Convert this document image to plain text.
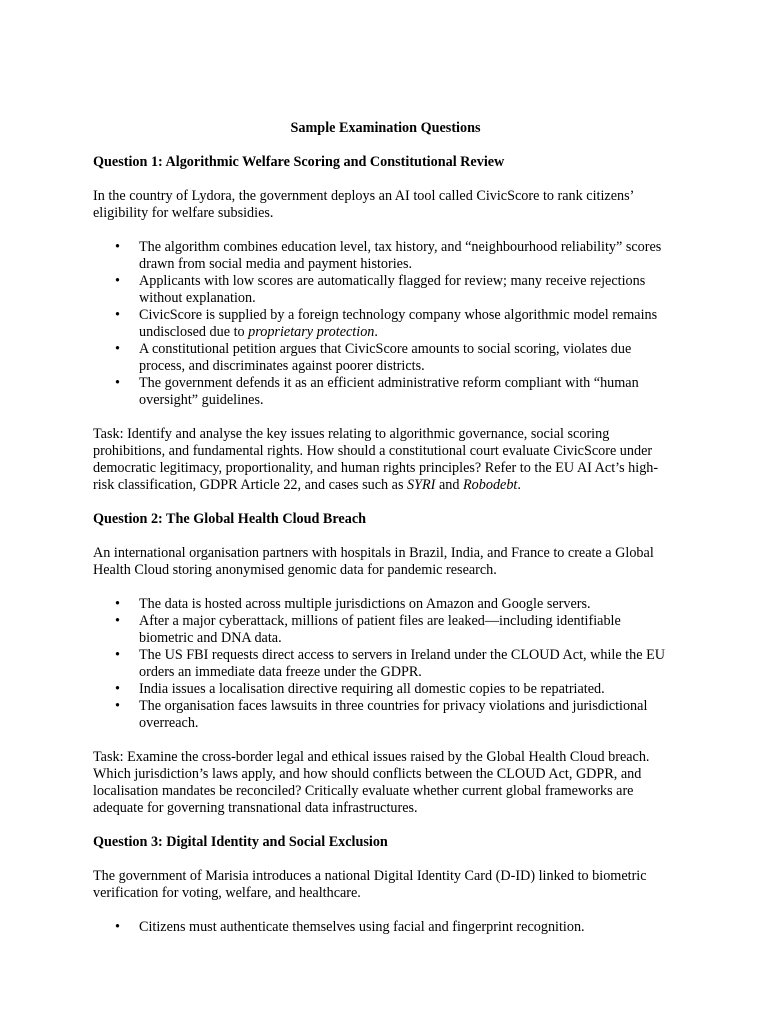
Sample Examination Questions
Question 1: Algorithmic Welfare Scoring and Constitutional Review
In the country of Lydora, the government deploys an AI tool called CivicScore to rank citizens’ eligibility for welfare subsidies.
• The algorithm combines education level, tax history, and “neighbourhood reliability” scores drawn from social media and payment histories.
• Applicants with low scores are automatically flagged for review; many receive rejections without explanation.
• CivicScore is supplied by a foreign technology company whose algorithmic model remains undisclosed due to proprietary protection.
• A constitutional petition argues that CivicScore amounts to social scoring, violates due process, and discriminates against poorer districts.
• The government defends it as an efficient administrative reform compliant with “human oversight” guidelines.
Task: Identify and analyse the key issues relating to algorithmic governance, social scoring prohibitions, and fundamental rights. How should a constitutional court evaluate CivicScore under democratic legitimacy, proportionality, and human rights principles? Refer to the EU AI Act’s high-risk classification, GDPR Article 22, and cases such as SYRI and Robodebt.
Question 2: The Global Health Cloud Breach
An international organisation partners with hospitals in Brazil, India, and France to create a Global Health Cloud storing anonymised genomic data for pandemic research.
• The data is hosted across multiple jurisdictions on Amazon and Google servers.
• After a major cyberattack, millions of patient files are leaked—including identifiable biometric and DNA data.
• The US FBI requests direct access to servers in Ireland under the CLOUD Act, while the EU orders an immediate data freeze under the GDPR.
• India issues a localisation directive requiring all domestic copies to be repatriated.
• The organisation faces lawsuits in three countries for privacy violations and jurisdictional overreach.
Task: Examine the cross-border legal and ethical issues raised by the Global Health Cloud breach. Which jurisdiction’s laws apply, and how should conflicts between the CLOUD Act, GDPR, and localisation mandates be reconciled? Critically evaluate whether current global frameworks are adequate for governing transnational data infrastructures.
Question 3: Digital Identity and Social Exclusion
The government of Marisia introduces a national Digital Identity Card (D-ID) linked to biometric verification for voting, welfare, and healthcare.
• Citizens must authenticate themselves using facial and fingerprint recognition.
